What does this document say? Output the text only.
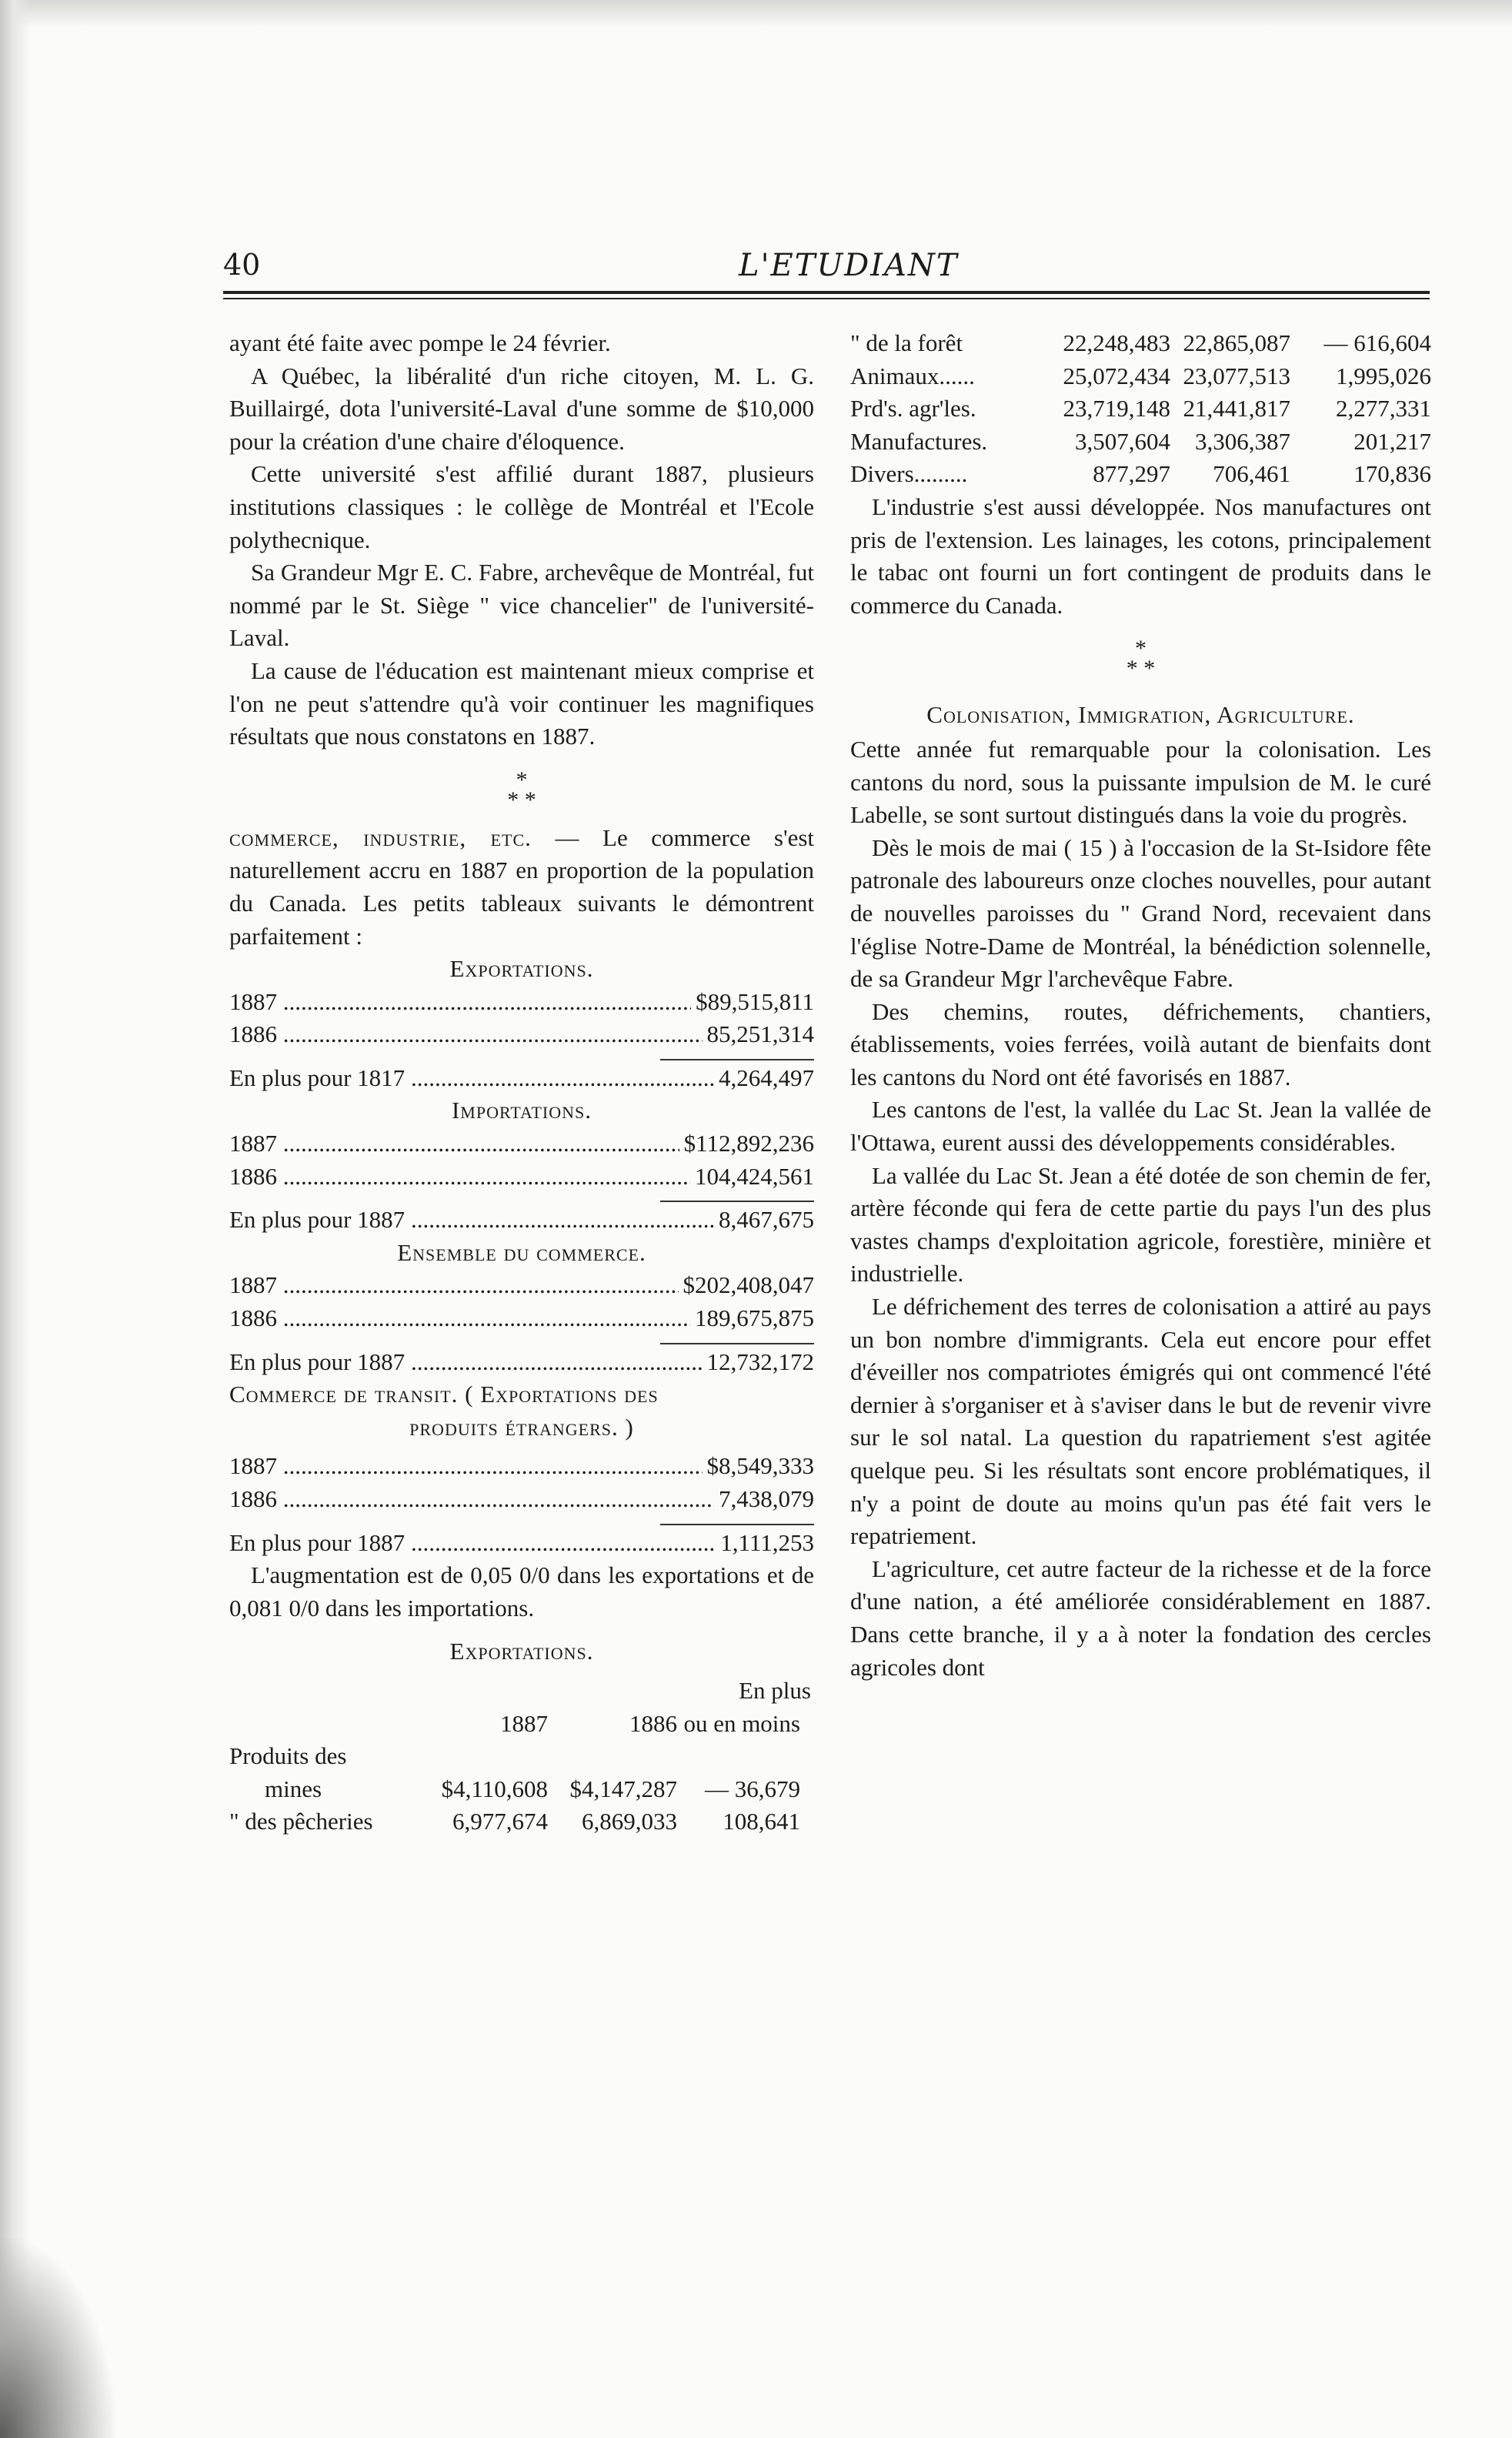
40	L'ETUDIANT

ayant été faite avec pompe le 24 février.

A Québec, la libéralité d'un riche citoyen, M. L. G. Buillairgé, dota l'université-Laval d'une somme de $10,000 pour la création d'une chaire d'éloquence.

Cette université s'est affilié durant 1887, plusieurs institutions classiques : le collège de Montréal et l'Ecole polythecnique.

Sa Grandeur Mgr E. C. Fabre, archevêque de Montréal, fut nommé par le St. Siège " vice chancelier" de l'université-Laval.

La cause de l'éducation est maintenant mieux comprise et l'on ne peut s'attendre qu'à voir continuer les magnifiques résultats que nous constatons en 1887.

*
* *

commerce, industrie, etc. — Le commerce s'est naturellement accru en 1887 en proportion de la population du Canada. Les petits tableaux suivants le démontrent parfaitement :

Exportations.

1887 .....	$89,515,811
1886 .....	85,251,314
En plus pour 1817 .....	4,264,497

Importations.

1887 .....	$112,892,236
1886 .....	104,424,561
En plus pour 1887 .....	8,467,675

Ensemble du commerce.

1887 .....	$202,408,047
1886 .....	189,675,875
En plus pour 1887 .....	12,732,172

Commerce de transit. ( Exportations des

produits étrangers. )

1887 .....	$8,549,333
1886 .....	7,438,079
En plus pour 1887 .....	1,111,253

L'augmentation est de 0,05 0/0 dans les exportations et de 0,081 0/0 dans les importations.

Exportations.

En plus
1887	1886 ou en moins
Produits des
mines	$4,110,608 $4,147,287	— 36,679
" des pêcheries	6,977,674	6,869,033	108,641
" de la forêt	22,248,483 22,865,087	— 616,604
Animaux......	25,072,434 23,077,513	1,995,026
Prd's. agr'les.	23,719,148 21,441,817	2,277,331
Manufactures.	3,507,604	3,306,387	201,217
Divers.........	877,297	706,461	170,836

L'industrie s'est aussi développée. Nos manufactures ont pris de l'extension. Les lainages, les cotons, principalement le tabac ont fourni un fort contingent de produits dans le commerce du Canada.

*
* *

Colonisation, Immigration, Agriculture.

Cette année fut remarquable pour la colonisation. Les cantons du nord, sous la puissante impulsion de M. le curé Labelle, se sont surtout distingués dans la voie du progrès.

Dès le mois de mai ( 15 ) à l'occasion de la St-Isidore fête patronale des laboureurs onze cloches nouvelles, pour autant de nouvelles paroisses du " Grand Nord, recevaient dans l'église Notre-Dame de Montréal, la bénédiction solennelle, de sa Grandeur Mgr l'archevêque Fabre.

Des chemins, routes, défrichements, chantiers, établissements, voies ferrées, voilà autant de bienfaits dont les cantons du Nord ont été favorisés en 1887.

Les cantons de l'est, la vallée du Lac St. Jean la vallée de l'Ottawa, eurent aussi des développements considérables.

La vallée du Lac St. Jean a été dotée de son chemin de fer, artère féconde qui fera de cette partie du pays l'un des plus vastes champs d'exploitation agricole, forestière, minière et industrielle.

Le défrichement des terres de colonisation a attiré au pays un bon nombre d'immigrants. Cela eut encore pour effet d'éveiller nos compatriotes émigrés qui ont commencé l'été dernier à s'organiser et à s'aviser dans le but de revenir vivre sur le sol natal. La question du rapatriement s'est agitée quelque peu. Si les résultats sont encore problématiques, il n'y a point de doute au moins qu'un pas été fait vers le repatriement.

L'agriculture, cet autre facteur de la richesse et de la force d'une nation, a été améliorée considérablement en 1887. Dans cette branche, il y a à noter la fondation des cercles agricoles dont
